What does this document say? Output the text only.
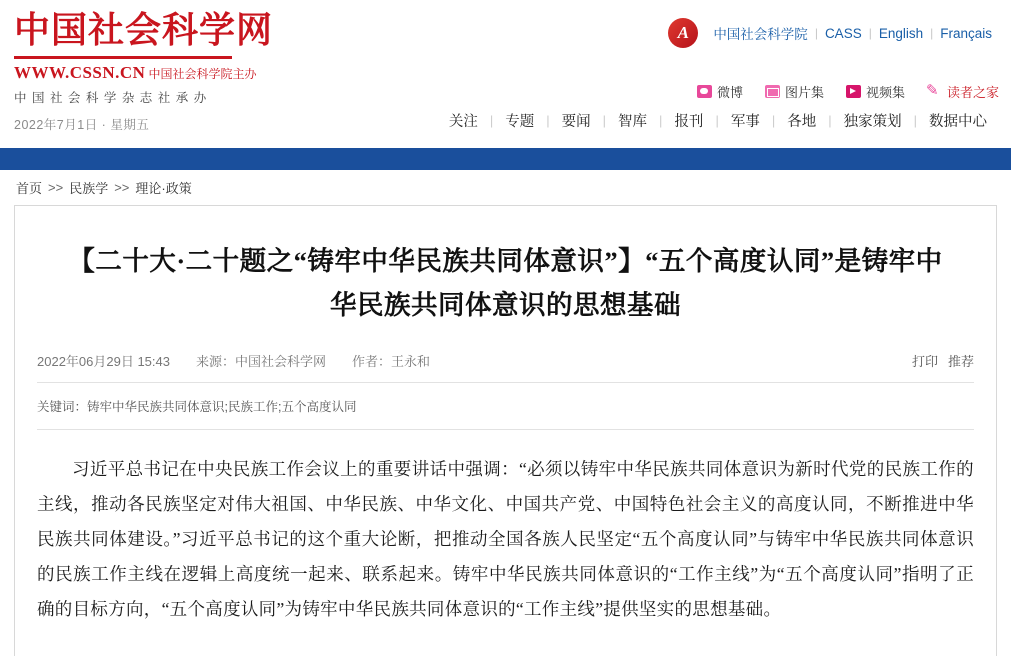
中国社会科学网
WWW.CSSN.CN 中国社会科学院主办
中 国 社 会 科 学 杂 志 社 承 办
2022年7月1日 · 星期五
A	中国社会科学院 | CASS | English | Français
微博	图片集	视频集 ✎	读者之家
关注 | 专题 | 要闻 | 智库 | 报刊 | 军事 | 各地 | 独家策划 | 数据中心
首页 >> 民族学 >> 理论·政策
【二十大·二十题之“铸牢中华民族共同体意识”】“五个高度认同”是铸牢中华民族共同体意识的思想基础
2022年06月29日 15:43 来源：中国社会科学网 作者：王永和	打印 推荐
关键词：铸牢中华民族共同体意识;民族工作;五个高度认同

习近平总书记在中央民族工作会议上的重要讲话中强调：“必须以铸牢中华民族共同体意识为新时代党的民族工作的主线，推动各民族坚定对伟大祖国、中华民族、中华文化、中国共产党、中国特色社会主义的高度认同，不断推进中华民族共同体建设。”习近平总书记的这个重大论断，把推动全国各族人民坚定“五个高度认同”与铸牢中华民族共同体意识的民族工作主线在逻辑上高度统一起来、联系起来。铸牢中华民族共同体意识的“工作主线”为“五个高度认同”指明了正确的目标方向，“五个高度认同”为铸牢中华民族共同体意识的“工作主线”提供坚实的思想基础。
